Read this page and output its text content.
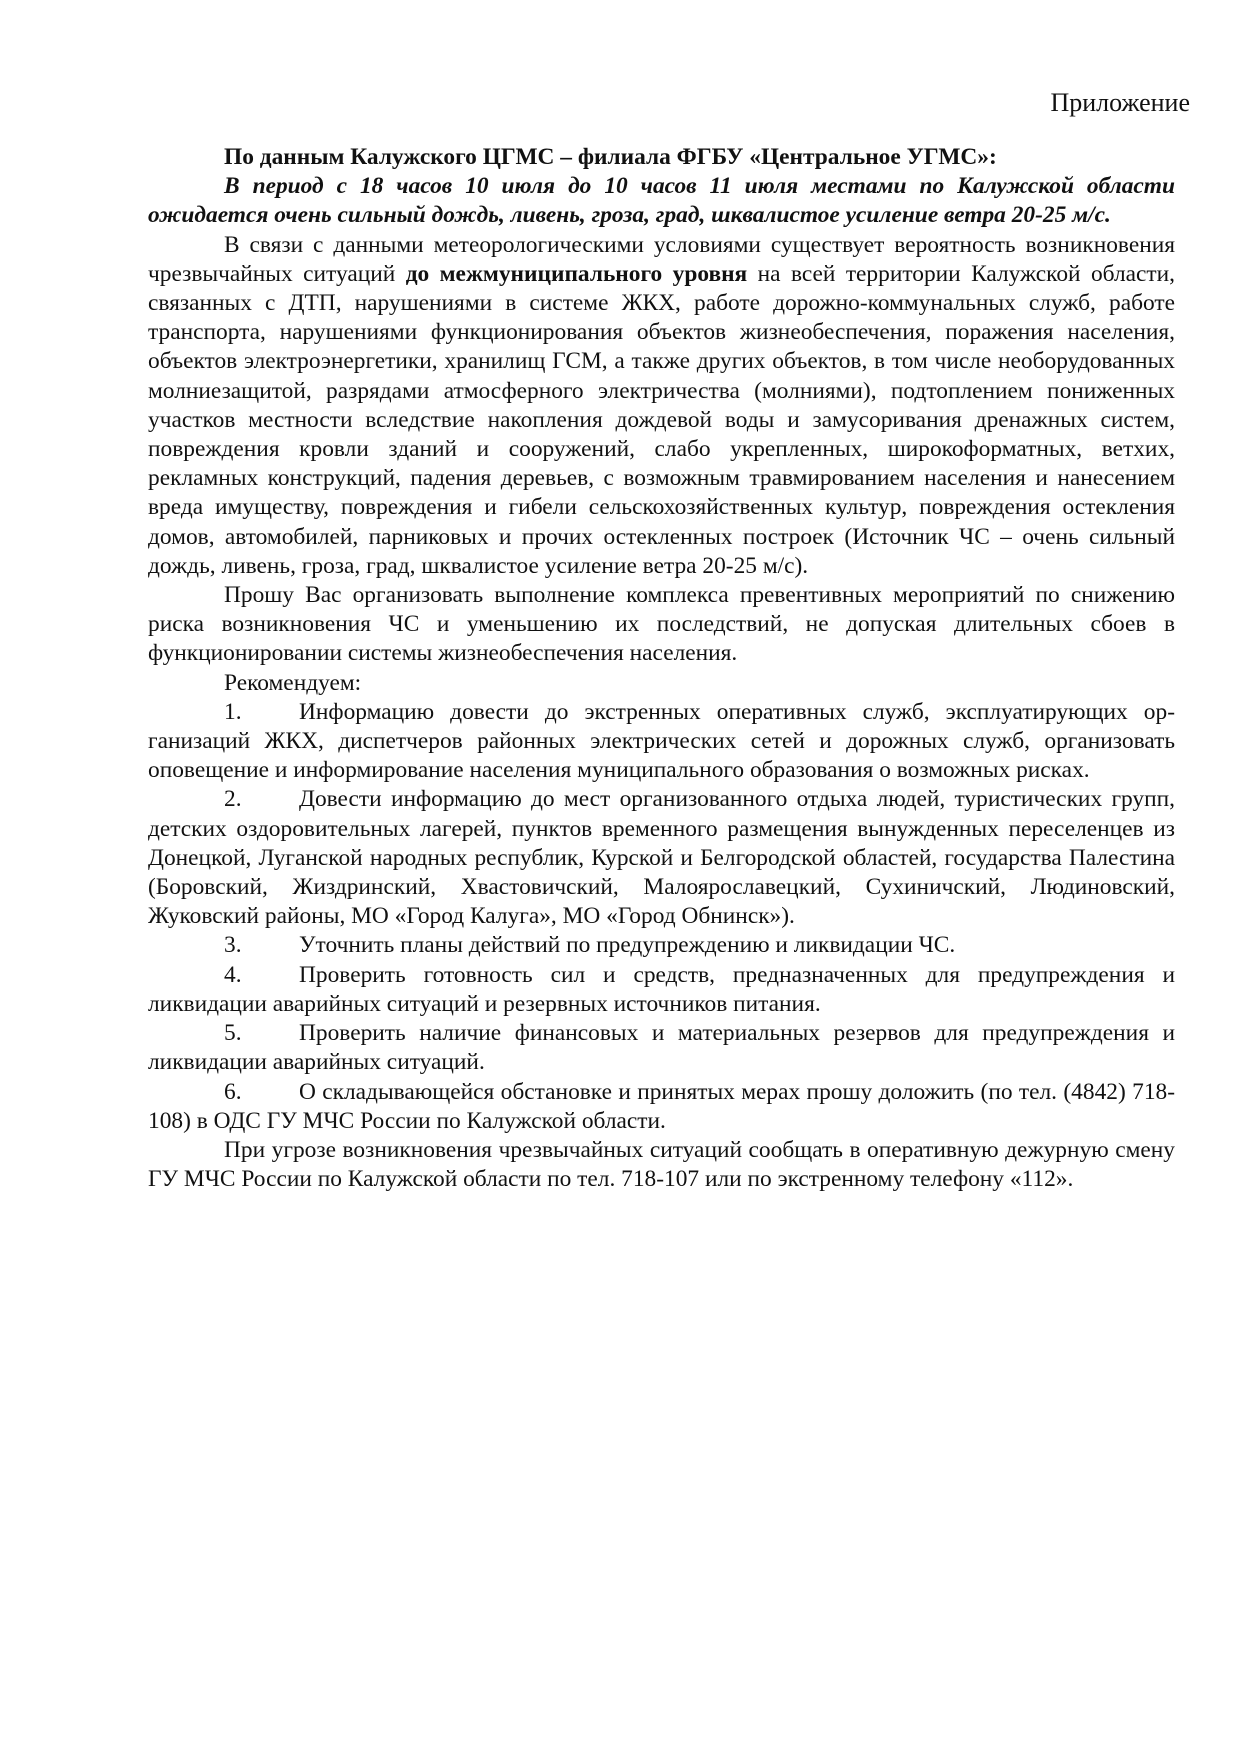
Приложение

По данным Калужского ЦГМС – филиала ФГБУ «Центральное УГМС»:

В период с 18 часов 10 июля до 10 часов 11 июля местами по Калужской области ожидается очень сильный дождь, ливень, гроза, град, шквалистое усиление ветра 20-25 м/с.

В связи с данными метеорологическими условиями существует вероятность возникновения чрезвычайных ситуаций до межмуниципального уровня на всей территории Калужской области, связанных с ДТП, нарушениями в системе ЖКХ, работе дорожно-коммунальных служб, работе транспорта, нарушениями функционирования объектов жизнеобеспечения, поражения населения, объектов электроэнергетики, хранилищ ГСМ, а также других объектов, в том числе необорудованных молниезащитой, разрядами атмосферного электричества (молниями), подтоплением пониженных участков местности вследствие накопления дождевой воды и замусоривания дренажных систем, повреждения кровли зданий и сооружений, слабо укрепленных, широкоформатных, ветхих, рекламных конструкций, падения деревьев, с возможным травмированием населения и нанесением вреда имуществу, повреждения и гибели сельскохозяйственных культур, повреждения остекления домов, автомобилей, парниковых и прочих остекленных построек (Источник ЧС – очень сильный дождь, ливень, гроза, град, шквалистое усиление ветра 20-25 м/с).

Прошу Вас организовать выполнение комплекса превентивных мероприятий по снижению риска возникновения ЧС и уменьшению их последствий, не допуская длительных сбоев в функционировании системы жизнеобеспечения населения.

Рекомендуем:

1. Информацию довести до экстренных оперативных служб, эксплуатирующих организаций ЖКХ, диспетчеров районных электрических сетей и дорожных служб, организовать оповещение и информирование населения муниципального образования о возможных рисках.

2. Довести информацию до мест организованного отдыха людей, туристических групп, детских оздоровительных лагерей, пунктов временного размещения вынужденных переселенцев из Донецкой, Луганской народных республик, Курской и Белгородской областей, государства Палестина (Боровский, Жиздринский, Хвастовичский, Малоярославецкий, Сухиничский, Людиновский, Жуковский районы, МО «Город Калуга», МО «Город Обнинск»).

3. Уточнить планы действий по предупреждению и ликвидации ЧС.

4. Проверить готовность сил и средств, предназначенных для предупреждения и ликвидации аварийных ситуаций и резервных источников питания.

5. Проверить наличие финансовых и материальных резервов для предупреждения и ликвидации аварийных ситуаций.

6. О складывающейся обстановке и принятых мерах прошу доложить (по тел. (4842) 718-108) в ОДС ГУ МЧС России по Калужской области.

При угрозе возникновения чрезвычайных ситуаций сообщать в оперативную дежурную смену ГУ МЧС России по Калужской области по тел. 718-107 или по экстренному телефону «112».
